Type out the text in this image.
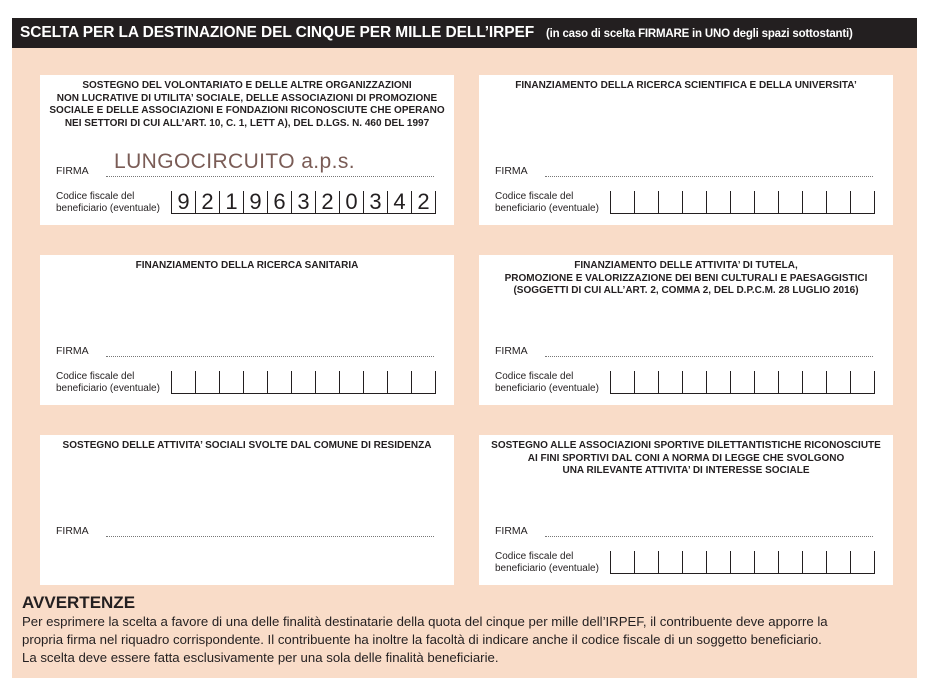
SCELTA PER LA DESTINAZIONE DEL CINQUE PER MILLE DELL’IRPEF (in caso di scelta FIRMARE in UNO degli spazi sottostanti)
SOSTEGNO DEL VOLONTARIATO E DELLE ALTRE ORGANIZZAZIONI
NON LUCRATIVE DI UTILITA’ SOCIALE, DELLE ASSOCIAZIONI DI PROMOZIONE
SOCIALE E DELLE ASSOCIAZIONI E FONDAZIONI RICONOSCIUTE CHE OPERANO
NEI SETTORI DI CUI ALL’ART. 10, C. 1, LETT A), DEL D.LGS. N. 460 DEL 1997
FIRMA LUNGOCIRCUITO a.p.s.
Codice fiscale del
beneficiario (eventuale) 9 2 1 9 6 3 2 0 3 4 2
FINANZIAMENTO DELLA RICERCA SCIENTIFICA E DELLA UNIVERSITA’
FIRMA
Codice fiscale del
beneficiario (eventuale)
FINANZIAMENTO DELLA RICERCA SANITARIA
FIRMA
Codice fiscale del
beneficiario (eventuale)
FINANZIAMENTO DELLE ATTIVITA’ DI TUTELA,
PROMOZIONE E VALORIZZAZIONE DEI BENI CULTURALI E PAESAGGISTICI
(SOGGETTI DI CUI ALL’ART. 2, COMMA 2, DEL D.P.C.M. 28 LUGLIO 2016)
FIRMA
Codice fiscale del
beneficiario (eventuale)
SOSTEGNO DELLE ATTIVITA’ SOCIALI SVOLTE DAL COMUNE DI RESIDENZA
FIRMA
SOSTEGNO ALLE ASSOCIAZIONI SPORTIVE DILETTANTISTICHE RICONOSCIUTE
AI FINI SPORTIVI DAL CONI A NORMA DI LEGGE CHE SVOLGONO
UNA RILEVANTE ATTIVITA’ DI INTERESSE SOCIALE
FIRMA
Codice fiscale del
beneficiario (eventuale)
AVVERTENZE
Per esprimere la scelta a favore di una delle finalità destinatarie della quota del cinque per mille dell’IRPEF, il contribuente deve apporre la
propria firma nel riquadro corrispondente. Il contribuente ha inoltre la facoltà di indicare anche il codice fiscale di un soggetto beneficiario.
La scelta deve essere fatta esclusivamente per una sola delle finalità beneficiarie.
